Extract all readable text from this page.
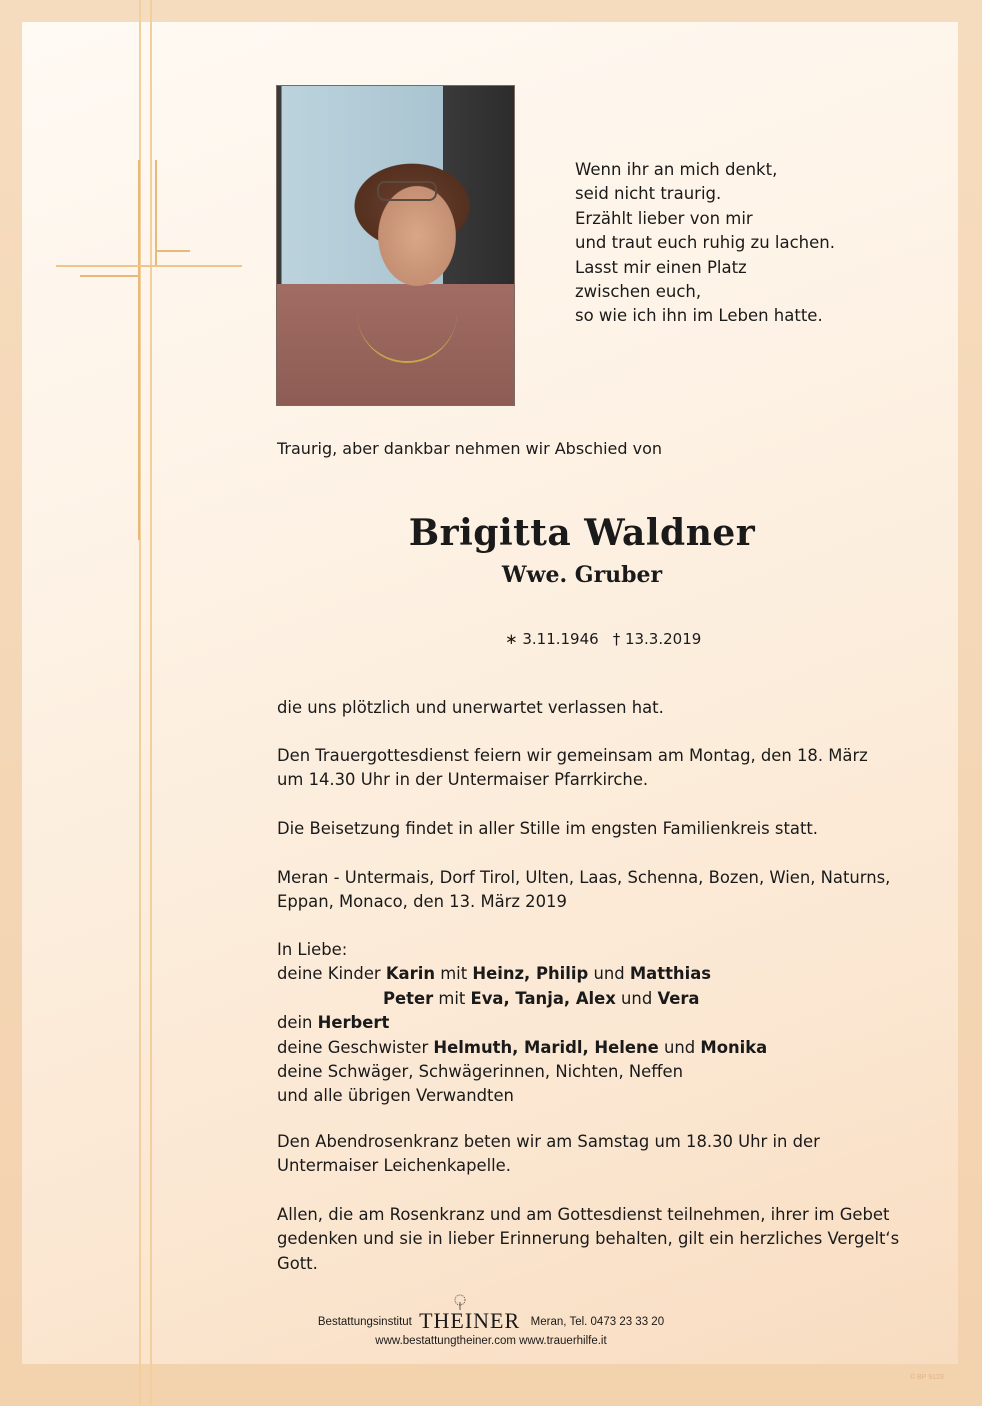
Wenn ihr an mich denkt,
seid nicht traurig.
Erzählt lieber von mir
und traut euch ruhig zu lachen.
Lasst mir einen Platz
zwischen euch,
so wie ich ihn im Leben hatte.
Traurig, aber dankbar nehmen wir Abschied von
Brigitta Waldner
Wwe. Gruber
∗ 3.11.1946 † 13.3.2019
die uns plötzlich und unerwartet verlassen hat.
Den Trauergottesdienst feiern wir gemeinsam am Montag, den 18. März
um 14.30 Uhr in der Untermaiser Pfarrkirche.
Die Beisetzung findet in aller Stille im engsten Familienkreis statt.
Meran - Untermais, Dorf Tirol, Ulten, Laas, Schenna, Bozen, Wien, Naturns,
Eppan, Monaco, den 13. März 2019
In Liebe:
deine Kinder Karin mit Heinz, Philip und Matthias
Peter mit Eva, Tanja, Alex und Vera
dein Herbert
deine Geschwister Helmuth, Maridl, Helene und Monika
deine Schwäger, Schwägerinnen, Nichten, Neffen
und alle übrigen Verwandten
Den Abendrosenkranz beten wir am Samstag um 18.30 Uhr in der
Untermaiser Leichenkapelle.
Allen, die am Rosenkranz und am Gottesdienst teilnehmen, ihrer im Gebet
gedenken und sie in lieber Erinnerung behalten, gilt ein herzliches Vergelt‘s
Gott.
Bestattungsinstitut THEINER Meran, Tel. 0473 23 33 20
www.bestattungtheiner.com www.trauerhilfe.it
© BP 9128
